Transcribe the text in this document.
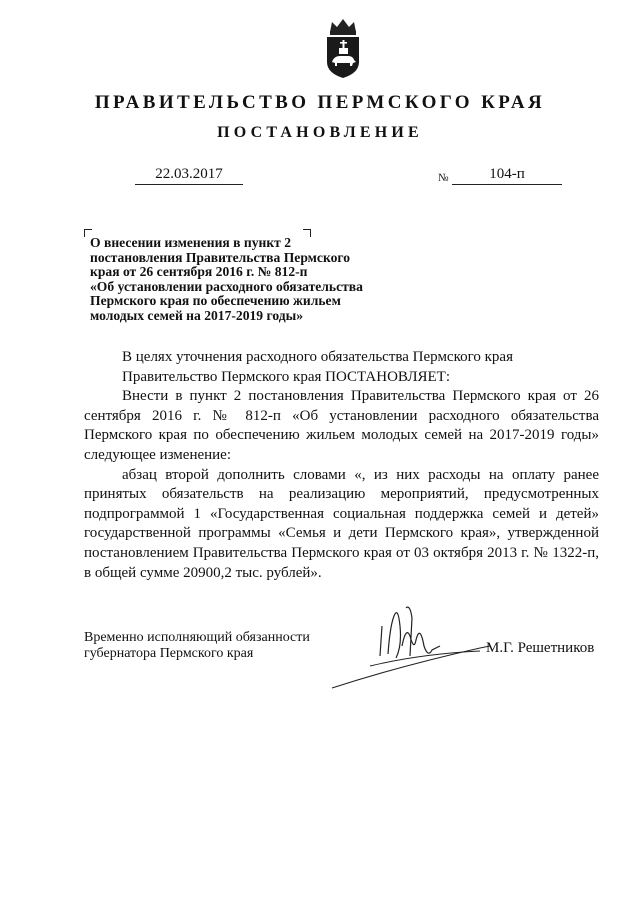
ПРАВИТЕЛЬСТВО ПЕРМСКОГО КРАЯ
ПОСТАНОВЛЕНИЕ
22.03.2017	№	104-п
О внесении изменения в пункт 2
постановления Правительства Пермского
края от 26 сентября 2016 г. № 812-п
«Об установлении расходного обязательства
Пермского края по обеспечению жильем
молодых семей на 2017-2019 годы»

В целях уточнения расходного обязательства Пермского края

Правительство Пермского края ПОСТАНОВЛЯЕТ:

Внести в пункт 2 постановления Правительства Пермского края от 26 сентября 2016 г. № 812-п «Об установлении расходного обязательства Пермского края по обеспечению жильем молодых семей на 2017-2019 годы» следующее изменение:

абзац второй дополнить словами «, из них расходы на оплату ранее принятых обязательств на реализацию мероприятий, предусмотренных подпрограммой 1 «Государственная социальная поддержка семей и детей» государственной программы «Семья и дети Пермского края», утвержденной постановлением Правительства Пермского края от 03 октября 2013 г. № 1322-п, в общей сумме 20900,2 тыс. рублей».

Временно исполняющий обязанности
губернатора Пермского края	М.Г. Решетников
